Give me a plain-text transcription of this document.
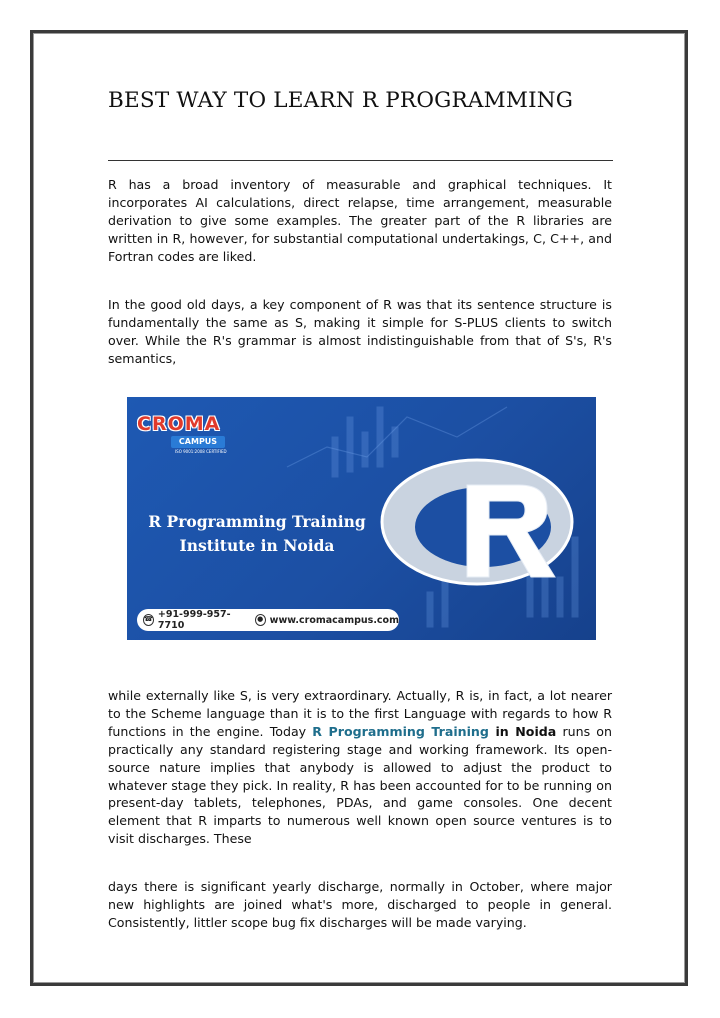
BEST WAY TO LEARN R PROGRAMMING

R has a broad inventory of measurable and graphical techniques. It incorporates AI calculations, direct relapse, time arrangement, measurable derivation to give some examples. The greater part of the R libraries are written in R, however, for substantial computational undertakings, C, C++, and Fortran codes are liked.

In the good old days, a key component of R was that its sentence structure is fundamentally the same as S, making it simple for S-PLUS clients to switch over. While the R's grammar is almost indistinguishable from that of S's, R's semantics,

CROMA
CAMPUS
ISO 9001:2008 CERTIFIED

R Programming Training

Institute in Noida

☎ +91-999-957-7710
● www.cromacampus.com

while externally like S, is very extraordinary. Actually, R is, in fact, a lot nearer to the Scheme language than it is to the first Language with regards to how R functions in the engine. Today R Programming Training in Noida runs on practically any standard registering stage and working framework. Its open-source nature implies that anybody is allowed to adjust the product to whatever stage they pick. In reality, R has been accounted for to be running on present-day tablets, telephones, PDAs, and game consoles. One decent element that R imparts to numerous well known open source ventures is to visit discharges. These

days there is significant yearly discharge, normally in October, where major new highlights are joined what's more, discharged to people in general. Consistently, littler scope bug fix discharges will be made varying.
